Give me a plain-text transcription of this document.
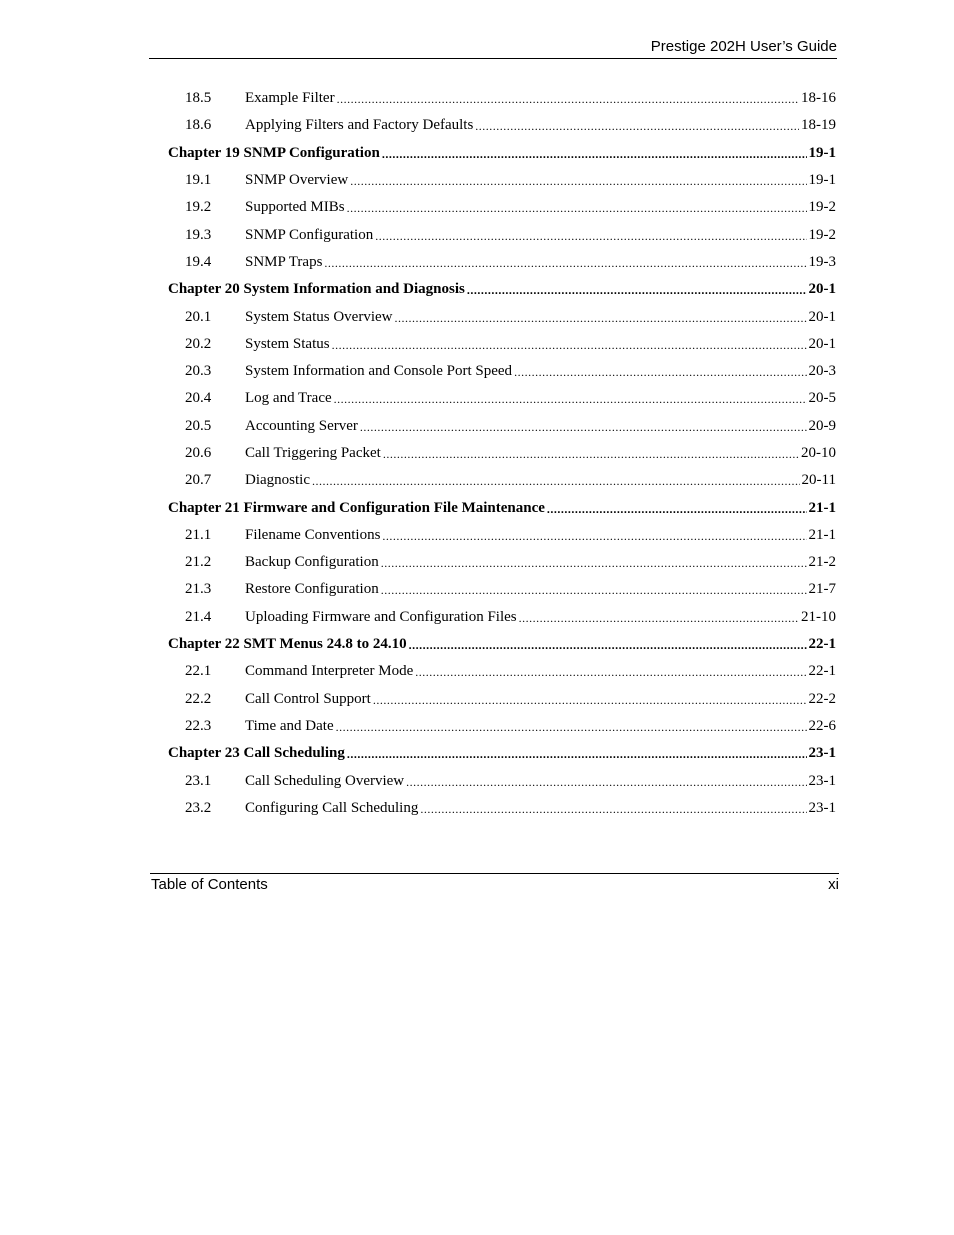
Prestige 202H User’s Guide
18.5	Example Filter .....	18-16
18.6	Applying Filters and Factory Defaults .....	18-19
Chapter 19 SNMP Configuration .....	19-1
19.1	SNMP Overview .....	19-1
19.2	Supported MIBs .....	19-2
19.3	SNMP Configuration .....	19-2
19.4	SNMP Traps .....	19-3
Chapter 20 System Information and Diagnosis .....	20-1
20.1	System Status Overview .....	20-1
20.2	System Status .....	20-1
20.3	System Information and Console Port Speed .....	20-3
20.4	Log and Trace .....	20-5
20.5	Accounting Server .....	20-9
20.6	Call Triggering Packet .....	20-10
20.7	Diagnostic .....	20-11
Chapter 21 Firmware and Configuration File Maintenance .....	21-1
21.1	Filename Conventions .....	21-1
21.2	Backup Configuration .....	21-2
21.3	Restore Configuration .....	21-7
21.4	Uploading Firmware and Configuration Files .....	21-10
Chapter 22 SMT Menus 24.8 to 24.10 .....	22-1
22.1	Command Interpreter Mode .....	22-1
22.2	Call Control Support .....	22-2
22.3	Time and Date .....	22-6
Chapter 23 Call Scheduling .....	23-1
23.1	Call Scheduling Overview .....	23-1
23.2	Configuring Call Scheduling .....	23-1
Table of Contents	xi
